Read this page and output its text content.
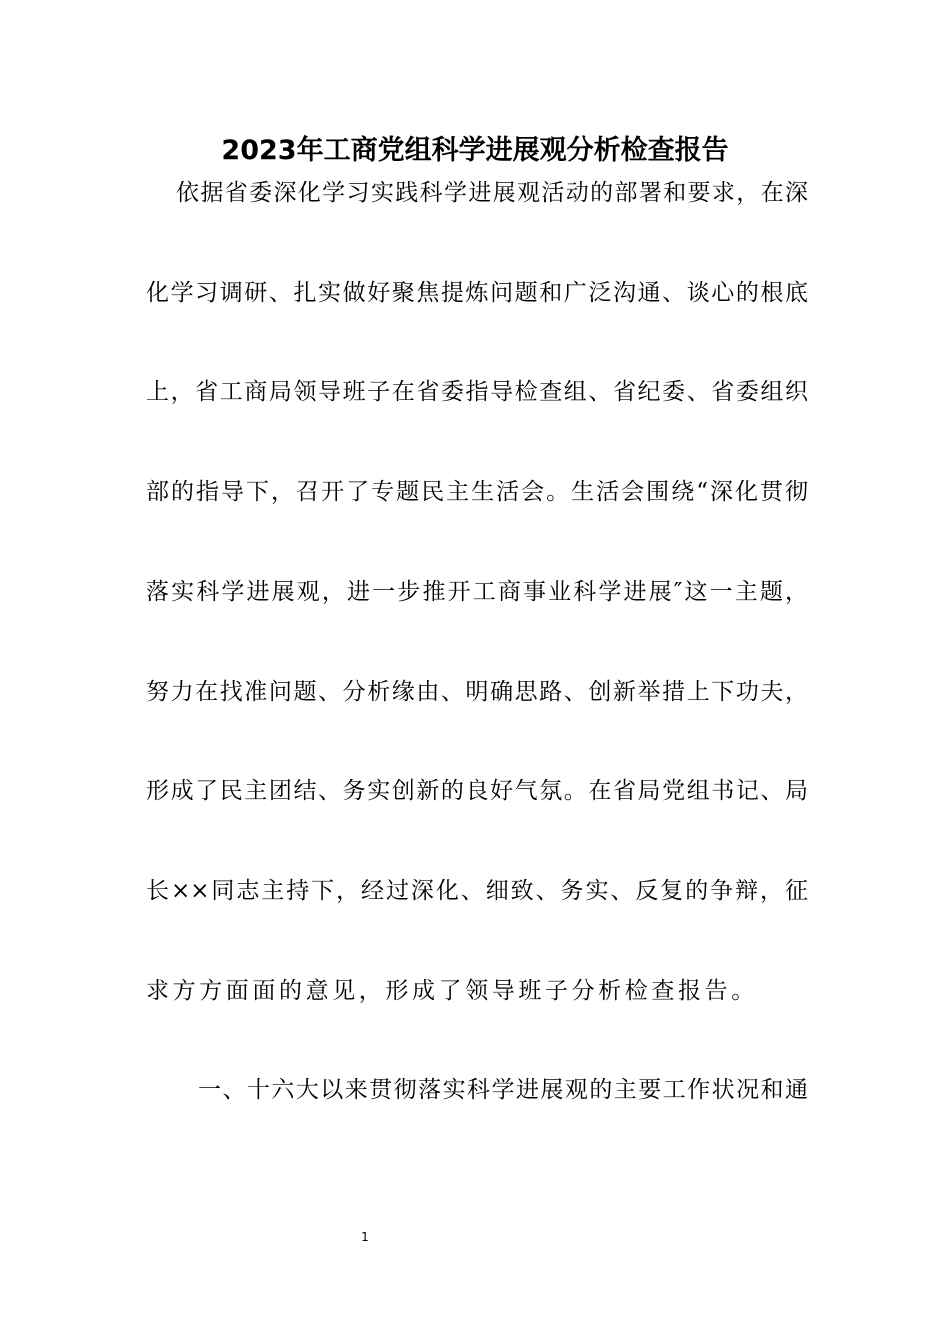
2023年工商党组科学进展观分析检查报告
依据省委深化学习实践科学进展观活动的部署和要求，在深
化学习调研、扎实做好聚焦提炼问题和广泛沟通、谈心的根底
上，省工商局领导班子在省委指导检查组、省纪委、省委组织
部的指导下，召开了专题民主生活会。生活会围绕“深化贯彻
落实科学进展观，进一步推开工商事业科学进展″这一主题，
努力在找准问题、分析缘由、明确思路、创新举措上下功夫，
形成了民主团结、务实创新的良好气氛。在省局党组书记、局
长××同志主持下，经过深化、细致、务实、反复的争辩，征
求方方面面的意见，形成了领导班子分析检查报告。
一、十六大以来贯彻落实科学进展观的主要工作状况和通
1
